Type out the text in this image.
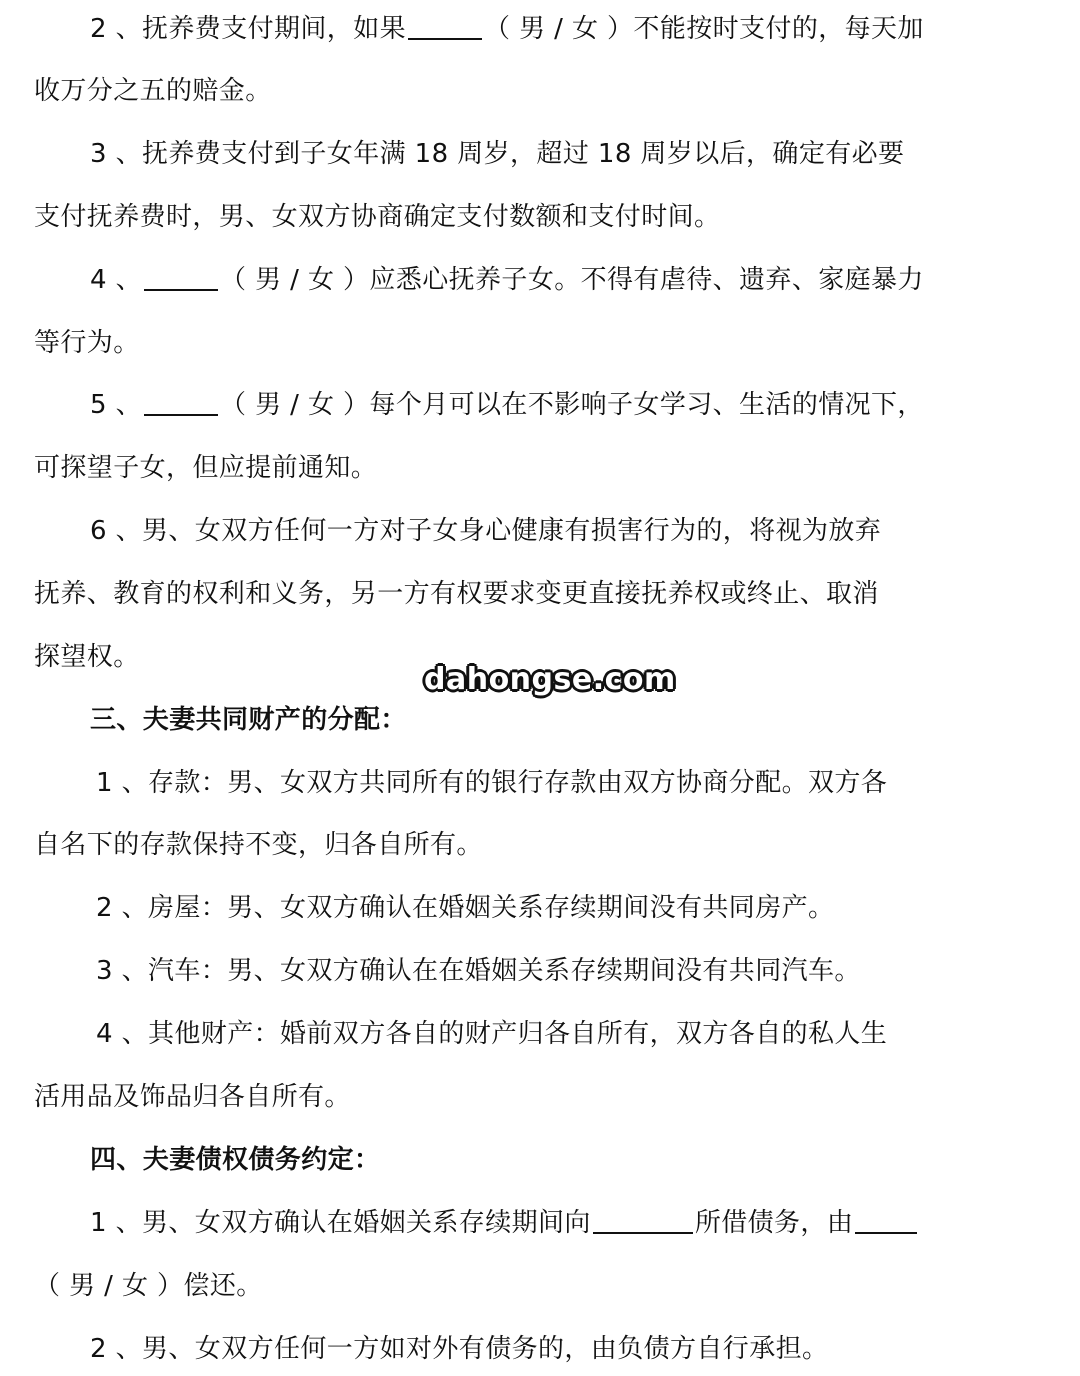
2 、抚养费支付期间，如果	（ 男 / 女 ）不能按时支付的，每天加
收万分之五的赔金。
3 、抚养费支付到子女年满 18 周岁，超过 18 周岁以后，确定有必要
支付抚养费时，男、女双方协商确定支付数额和支付时间。
4 、	（ 男 / 女 ）应悉心抚养子女。不得有虐待、遗弃、家庭暴力
等行为。
5 、	（ 男 / 女 ）每个月可以在不影响子女学习、生活的情况下，
可探望子女，但应提前通知。
6 、男、女双方任何一方对子女身心健康有损害行为的，将视为放弃
抚养、教育的权利和义务，另一方有权要求变更直接抚养权或终止、取消
探望权。
三、夫妻共同财产的分配：
1 、存款：男、女双方共同所有的银行存款由双方协商分配。双方各
自名下的存款保持不变，归各自所有。
2 、房屋：男、女双方确认在婚姻关系存续期间没有共同房产。
3 、汽车：男、女双方确认在在婚姻关系存续期间没有共同汽车。
4 、其他财产：婚前双方各自的财产归各自所有，双方各自的私人生
活用品及饰品归各自所有。
四、夫妻债权债务约定：
1 、男、女双方确认在婚姻关系存续期间向	所借债务，由
（ 男 / 女 ）偿还。
2 、男、女双方任何一方如对外有债务的，由负债方自行承担。
dahongse.com
